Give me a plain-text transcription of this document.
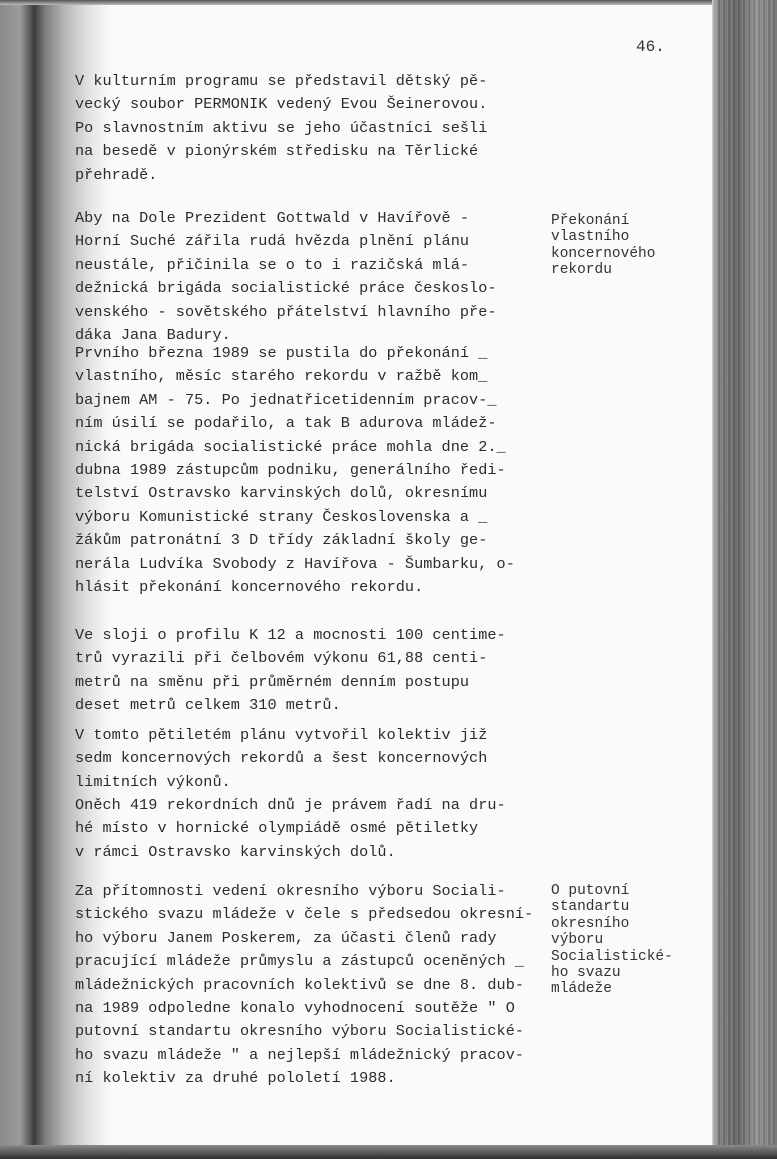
46.
V kulturním programu se představil dětský pě-
vecký soubor PERMONIK vedený Evou Šeinerovou.
Po slavnostním aktivu se jeho účastníci sešli
na besedě v pionýrském středisku na Těrlické
přehradě.
Aby na Dole Prezident Gottwald v Havířově -
Horní Suché zářila rudá hvězda plnění plánu
neustále, přičinila se o to i razičská mlá-
dežnická brigáda socialistické práce českoslo-
venského - sovětského přátelství hlavního pře-
dáka Jana Badury.
Prvního března 1989 se pustila do překonání _
vlastního, měsíc starého rekordu v ražbě kom_
bajnem AM - 75. Po jednatřicetidenním pracov-_
ním úsilí se podařilo, a tak B adurova mládež-
nická brigáda socialistické práce mohla dne 2._
dubna 1989 zástupcům podniku, generálního ředi-
telství Ostravsko karvinských dolů, okresnímu
výboru Komunistické strany Československa a _
žákům patronátní 3 D třídy základní školy ge-
nerála Ludvíka Svobody z Havířova - Šumbarku, o-
hlásit překonání koncernového rekordu.
Ve sloji o profilu K 12 a mocnosti 100 centime-
trů vyrazili při čelbovém výkonu 61,88 centi-
metrů na směnu při průměrném denním postupu
deset metrů celkem 310 metrů.
V tomto pětiletém plánu vytvořil kolektiv již
sedm koncernových rekordů a šest koncernových
limitních výkonů.
Oněch 419 rekordních dnů je právem řadí na dru-
hé místo v hornické olympiádě osmé pětiletky
v rámci Ostravsko karvinských dolů.
Za přítomnosti vedení okresního výboru Sociali-
stického svazu mládeže v čele s předsedou okresní-
ho výboru Janem Poskerem, za účasti členů rady
pracující mládeže průmyslu a zástupců oceněných _
mládežnických pracovních kolektivů se dne 8. dub-
na 1989 odpoledne konalo vyhodnocení soutěže " O
putovní standartu okresního výboru Socialistické-
ho svazu mládeže " a nejlepší mládežnický pracov-
ní kolektiv za druhé pololetí 1988.
Překonání
vlastního
koncernového
rekordu
O putovní
standartu
okresního
výboru
Socialistické-
ho svazu
mládeže
